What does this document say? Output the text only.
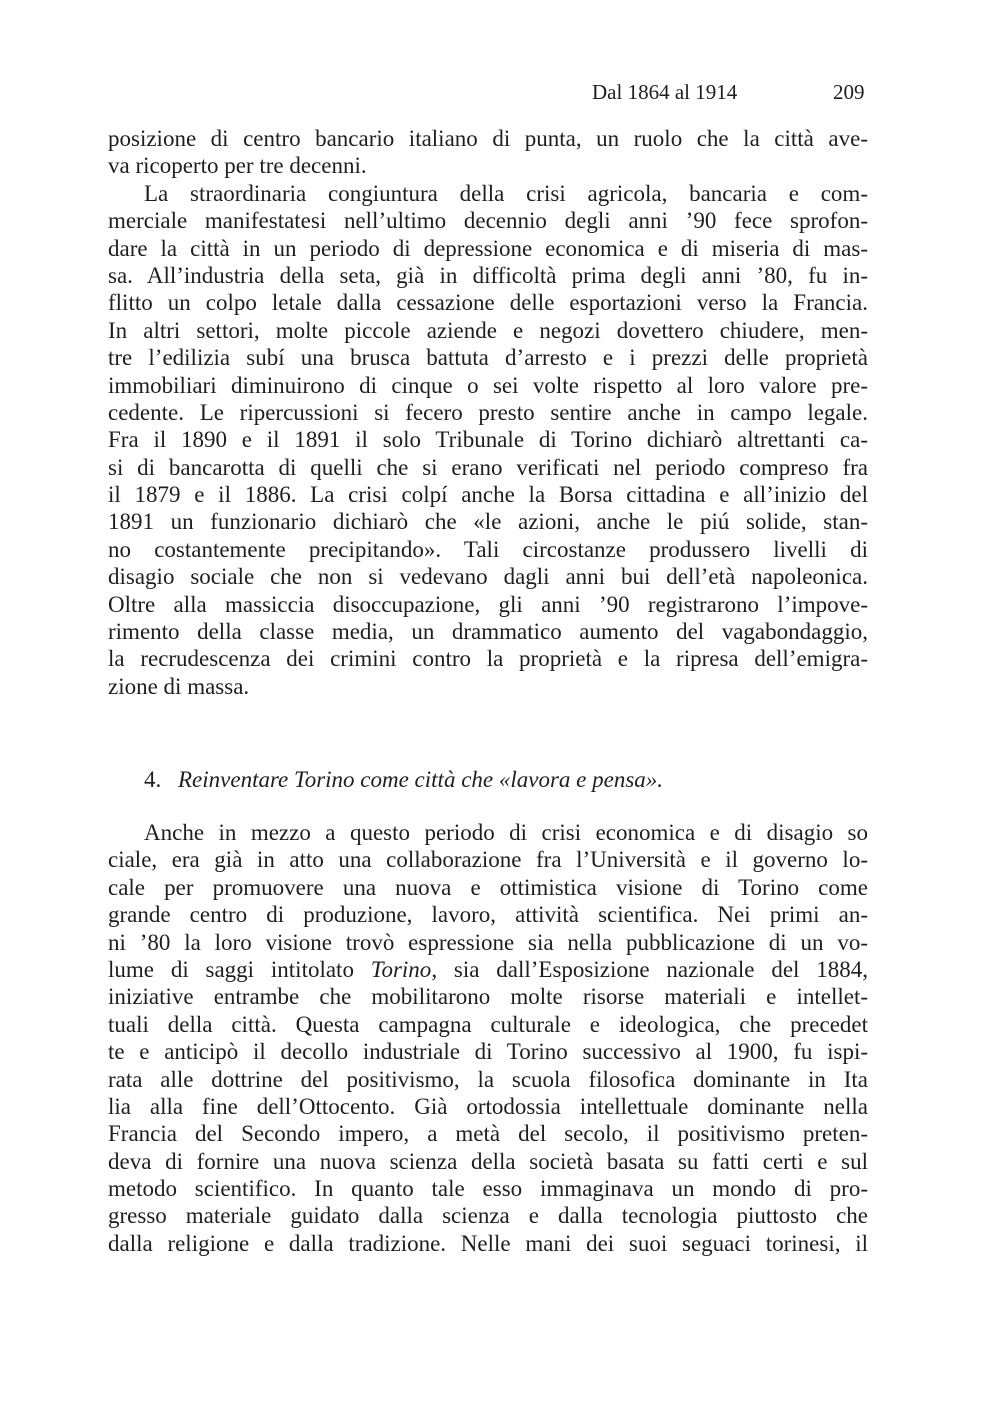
Dal 1864 al 1914	209
posizione di centro bancario italiano di punta, un ruolo che la città ave-
va ricoperto per tre decenni.
La straordinaria congiuntura della crisi agricola, bancaria e com-
merciale manifestatesi nell’ultimo decennio degli anni ’90 fece sprofon-
dare la città in un periodo di depressione economica e di miseria di mas-
sa. All’industria della seta, già in difficoltà prima degli anni ’80, fu in-
flitto un colpo letale dalla cessazione delle esportazioni verso la Francia.
In altri settori, molte piccole aziende e negozi dovettero chiudere, men-
tre l’edilizia subí una brusca battuta d’arresto e i prezzi delle proprietà
immobiliari diminuirono di cinque o sei volte rispetto al loro valore pre-
cedente. Le ripercussioni si fecero presto sentire anche in campo legale.
Fra il 1890 e il 1891 il solo Tribunale di Torino dichiarò altrettanti ca-
si di bancarotta di quelli che si erano verificati nel periodo compreso fra
il 1879 e il 1886. La crisi colpí anche la Borsa cittadina e all’inizio del
1891 un funzionario dichiarò che «le azioni, anche le piú solide, stan-
no costantemente precipitando». Tali circostanze produssero livelli di
disagio sociale che non si vedevano dagli anni bui dell’età napoleonica.
Oltre alla massiccia disoccupazione, gli anni ’90 registrarono l’impove-
rimento della classe media, un drammatico aumento del vagabondaggio,
la recrudescenza dei crimini contro la proprietà e la ripresa dell’emigra-
zione di massa.
4. Reinventare Torino come città che «lavora e pensa».
Anche in mezzo a questo periodo di crisi economica e di disagio so
ciale, era già in atto una collaborazione fra l’Università e il governo lo-
cale per promuovere una nuova e ottimistica visione di Torino come
grande centro di produzione, lavoro, attività scientifica. Nei primi an-
ni ’80 la loro visione trovò espressione sia nella pubblicazione di un vo-
lume di saggi intitolato Torino, sia dall’Esposizione nazionale del 1884,
iniziative entrambe che mobilitarono molte risorse materiali e intellet-
tuali della città. Questa campagna culturale e ideologica, che precedet
te e anticipò il decollo industriale di Torino successivo al 1900, fu ispi-
rata alle dottrine del positivismo, la scuola filosofica dominante in Ita
lia alla fine dell’Ottocento. Già ortodossia intellettuale dominante nella
Francia del Secondo impero, a metà del secolo, il positivismo preten-
deva di fornire una nuova scienza della società basata su fatti certi e sul
metodo scientifico. In quanto tale esso immaginava un mondo di pro-
gresso materiale guidato dalla scienza e dalla tecnologia piuttosto che
dalla religione e dalla tradizione. Nelle mani dei suoi seguaci torinesi, il
